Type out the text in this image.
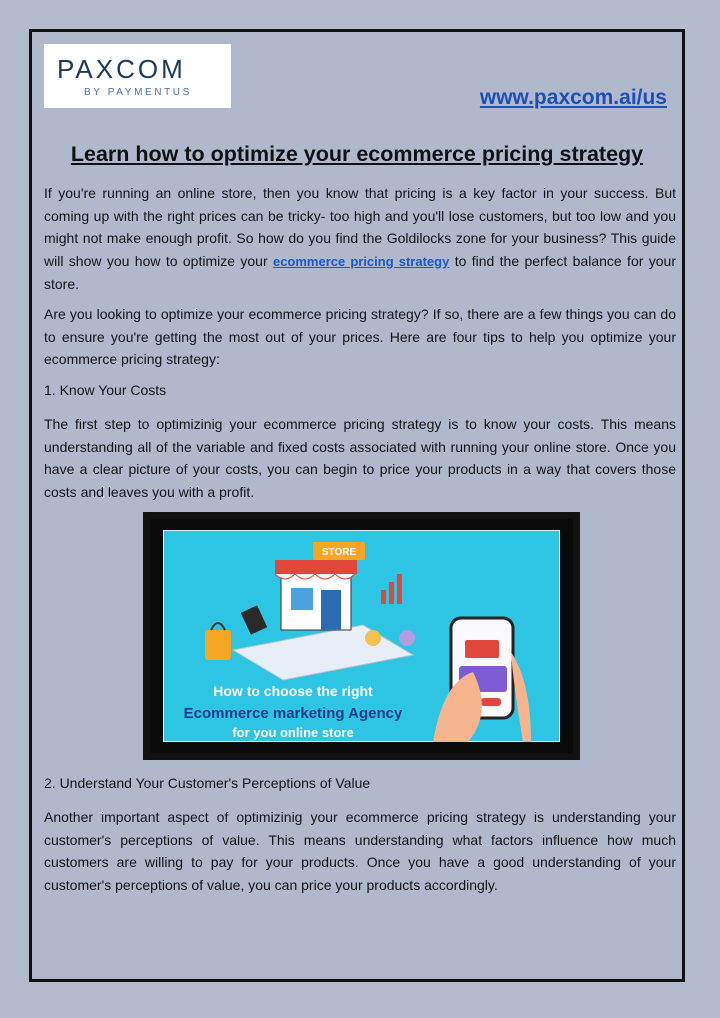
PAXCOM
BY PAYMENTUS	www.paxcom.ai/us
Learn how to optimize your ecommerce pricing strategy

If you're running an online store, then you know that pricing is a key factor in your success. But coming up with the right prices can be tricky- too high and you'll lose customers, but too low and you might not make enough profit. So how do you find the Goldilocks zone for your business? This guide will show you how to optimize your ecommerce pricing strategy to find the perfect balance for your store.

Are you looking to optimize your ecommerce pricing strategy? If so, there are a few things you can do to ensure you're getting the most out of your prices. Here are four tips to help you optimize your ecommerce pricing strategy:

1. Know Your Costs

The first step to optimizinig your ecommerce pricing strategy is to know your costs. This means understanding all of the variable and fixed costs associated with running your online store. Once you have a clear picture of your costs, you can begin to price your products in a way that covers those costs and leaves you with a profit.

STORE
How to choose the right
Ecommerce marketing Agency
for you online store

2. Understand Your Customer's Perceptions of Value

Another important aspect of optimizinig your ecommerce pricing strategy is understanding your customer's perceptions of value. This means understanding what factors influence how much customers are willing to pay for your products. Once you have a good understanding of your customer's perceptions of value, you can price your products accordingly.
